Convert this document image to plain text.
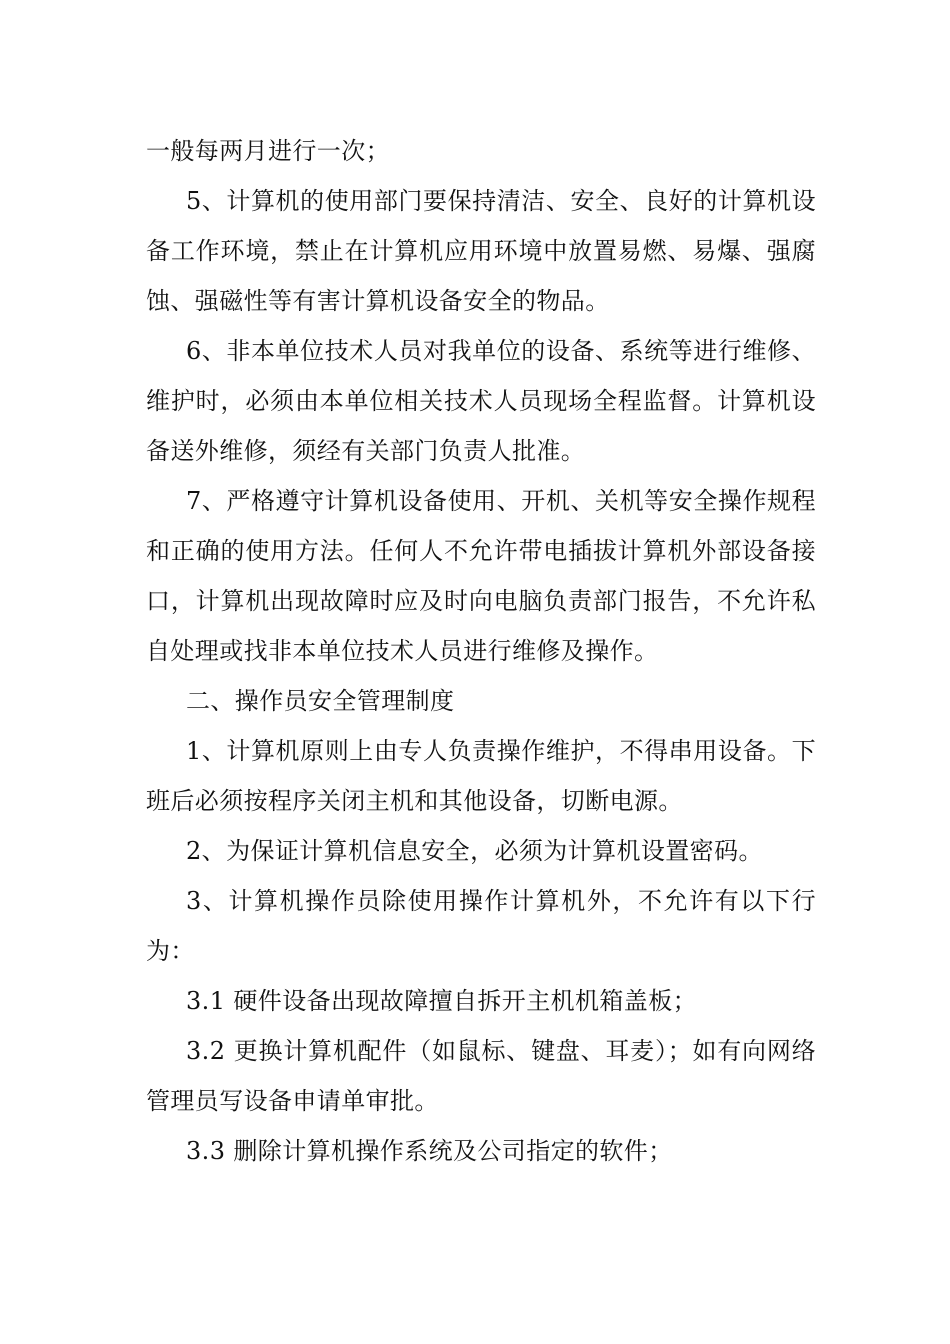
一般每两月进行一次；

5、计算机的使用部门要保持清洁、安全、良好的计算机设备工作环境，禁止在计算机应用环境中放置易燃、易爆、强腐蚀、强磁性等有害计算机设备安全的物品。

6、非本单位技术人员对我单位的设备、系统等进行维修、维护时，必须由本单位相关技术人员现场全程监督。计算机设备送外维修，须经有关部门负责人批准。

7、严格遵守计算机设备使用、开机、关机等安全操作规程和正确的使用方法。任何人不允许带电插拔计算机外部设备接口，计算机出现故障时应及时向电脑负责部门报告，不允许私自处理或找非本单位技术人员进行维修及操作。

二、操作员安全管理制度

1、计算机原则上由专人负责操作维护，不得串用设备。下班后必须按程序关闭主机和其他设备，切断电源。

2、为保证计算机信息安全，必须为计算机设置密码。

3、计算机操作员除使用操作计算机外，不允许有以下行为：

3.1 硬件设备出现故障擅自拆开主机机箱盖板；

3.2 更换计算机配件（如鼠标、键盘、耳麦）；如有向网络管理员写设备申请单审批。

3.3 删除计算机操作系统及公司指定的软件；
